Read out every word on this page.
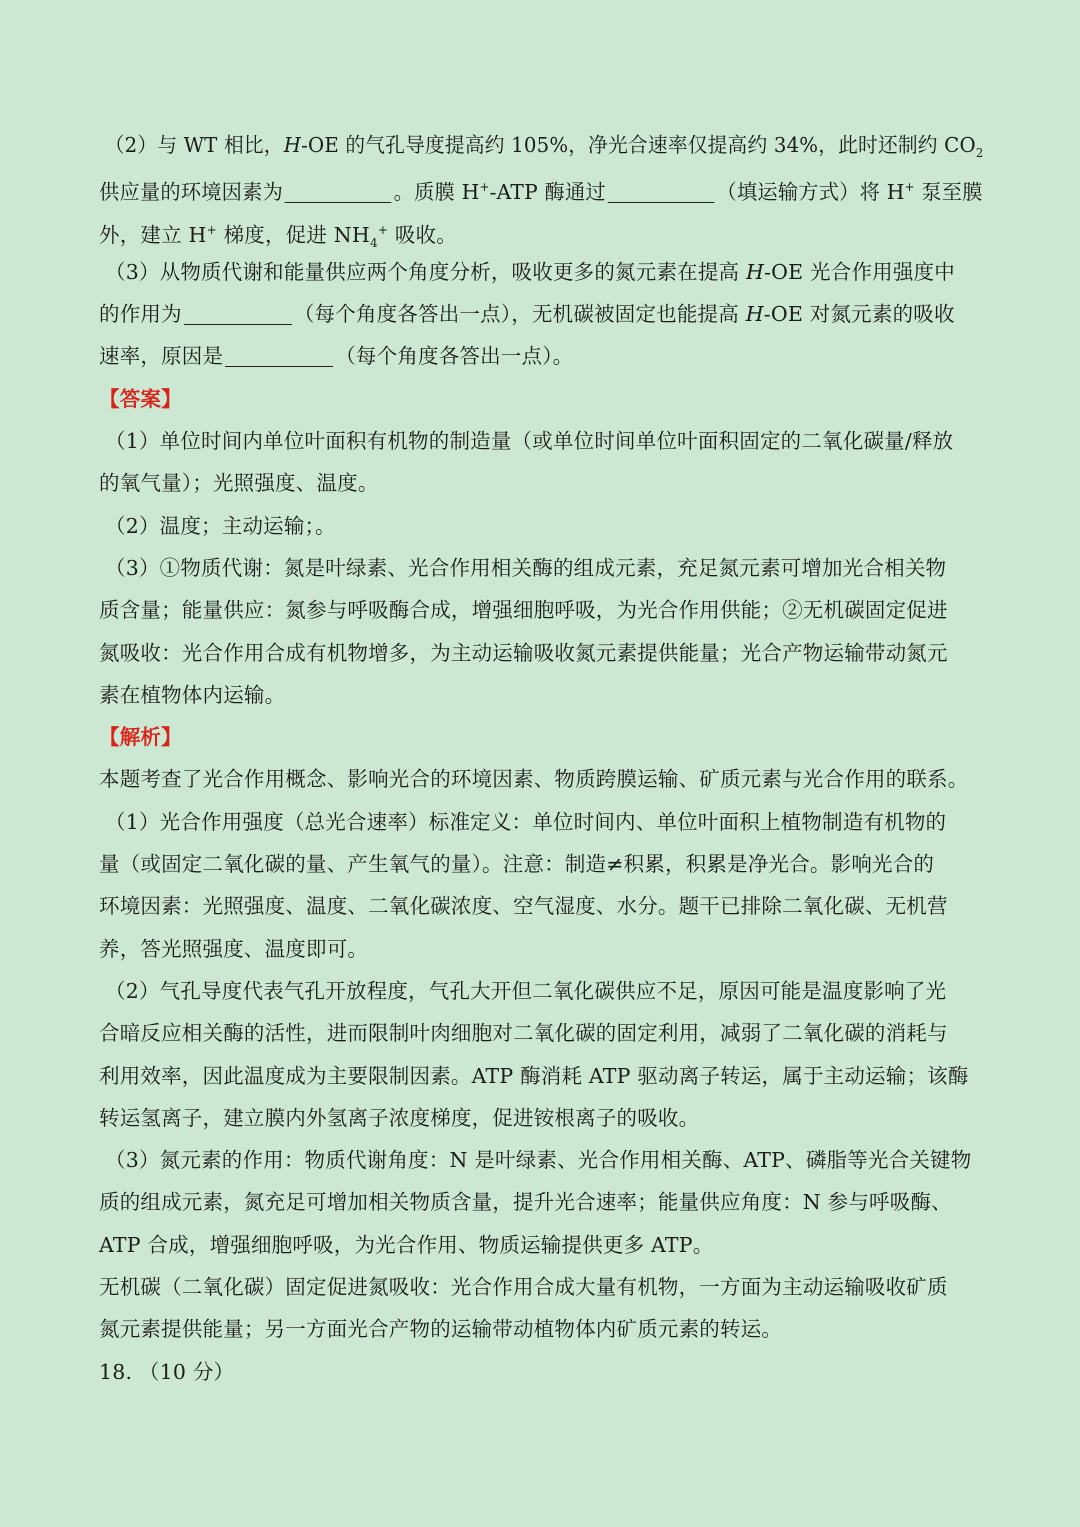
（2）与 WT 相比，H-OE 的气孔导度提高约 105%，净光合速率仅提高约 34%，此时还制约 $CO_2$
供应量的环境因素为	。质膜 H+-ATP 酶通过	（填运输方式）将 H+ 泵至膜
外，建立 H+ 梯度，促进 $NH_4^+$ 吸收。
（3）从物质代谢和能量供应两个角度分析，吸收更多的氮元素在提高 H-OE 光合作用强度中
的作用为	（每个角度各答出一点），无机碳被固定也能提高 H-OE 对氮元素的吸收
速率，原因是	（每个角度各答出一点）。
【答案】
（1）单位时间内单位叶面积有机物的制造量（或单位时间单位叶面积固定的二氧化碳量/释放
的氧气量）；光照强度、温度。
（2）温度；主动运输；。
（3）①物质代谢：氮是叶绿素、光合作用相关酶的组成元素，充足氮元素可增加光合相关物
质含量；能量供应：氮参与呼吸酶合成，增强细胞呼吸，为光合作用供能；②无机碳固定促进
氮吸收：光合作用合成有机物增多，为主动运输吸收氮元素提供能量；光合产物运输带动氮元
素在植物体内运输。
【解析】
本题考查了光合作用概念、影响光合的环境因素、物质跨膜运输、矿质元素与光合作用的联系。
（1）光合作用强度（总光合速率）标准定义：单位时间内、单位叶面积上植物制造有机物的
量（或固定二氧化碳的量、产生氧气的量）。注意：制造≠积累，积累是净光合。影响光合的
环境因素：光照强度、温度、二氧化碳浓度、空气湿度、水分。题干已排除二氧化碳、无机营
养，答光照强度、温度即可。
（2）气孔导度代表气孔开放程度，气孔大开但二氧化碳供应不足，原因可能是温度影响了光
合暗反应相关酶的活性，进而限制叶肉细胞对二氧化碳的固定利用，减弱了二氧化碳的消耗与
利用效率，因此温度成为主要限制因素。ATP 酶消耗 ATP 驱动离子转运，属于主动运输；该酶
转运氢离子，建立膜内外氢离子浓度梯度，促进铵根离子的吸收。
（3）氮元素的作用：物质代谢角度：N 是叶绿素、光合作用相关酶、ATP、磷脂等光合关键物
质的组成元素，氮充足可增加相关物质含量，提升光合速率；能量供应角度：N 参与呼吸酶、
ATP 合成，增强细胞呼吸，为光合作用、物质运输提供更多 ATP。
无机碳（二氧化碳）固定促进氮吸收：光合作用合成大量有机物，一方面为主动运输吸收矿质
氮元素提供能量；另一方面光合产物的运输带动植物体内矿质元素的转运。
18. （10 分）
